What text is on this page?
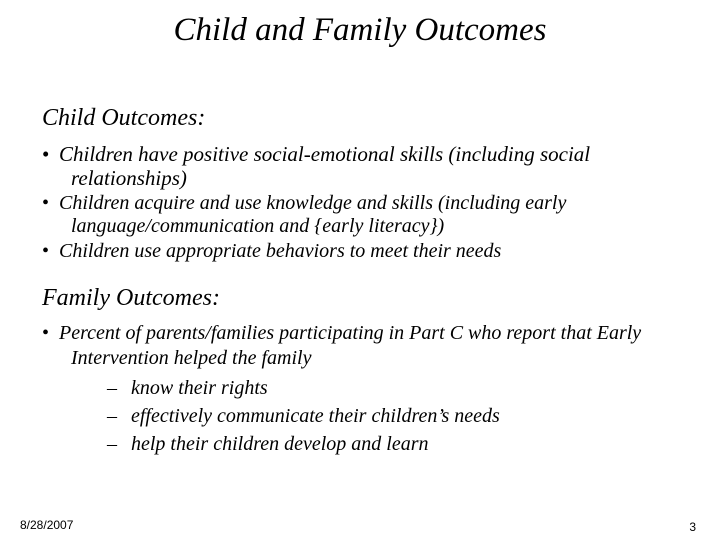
Child and Family Outcomes
Child Outcomes:
• Children have positive social-emotional skills (including social relationships)
• Children acquire and use knowledge and skills (including early language/communication and {early literacy})
• Children use appropriate behaviors to meet their needs
Family Outcomes:
• Percent of parents/families participating in Part C who report that Early Intervention helped the family
– know their rights
– effectively communicate their children’s needs
– help their children develop and learn
8/28/2007	3
